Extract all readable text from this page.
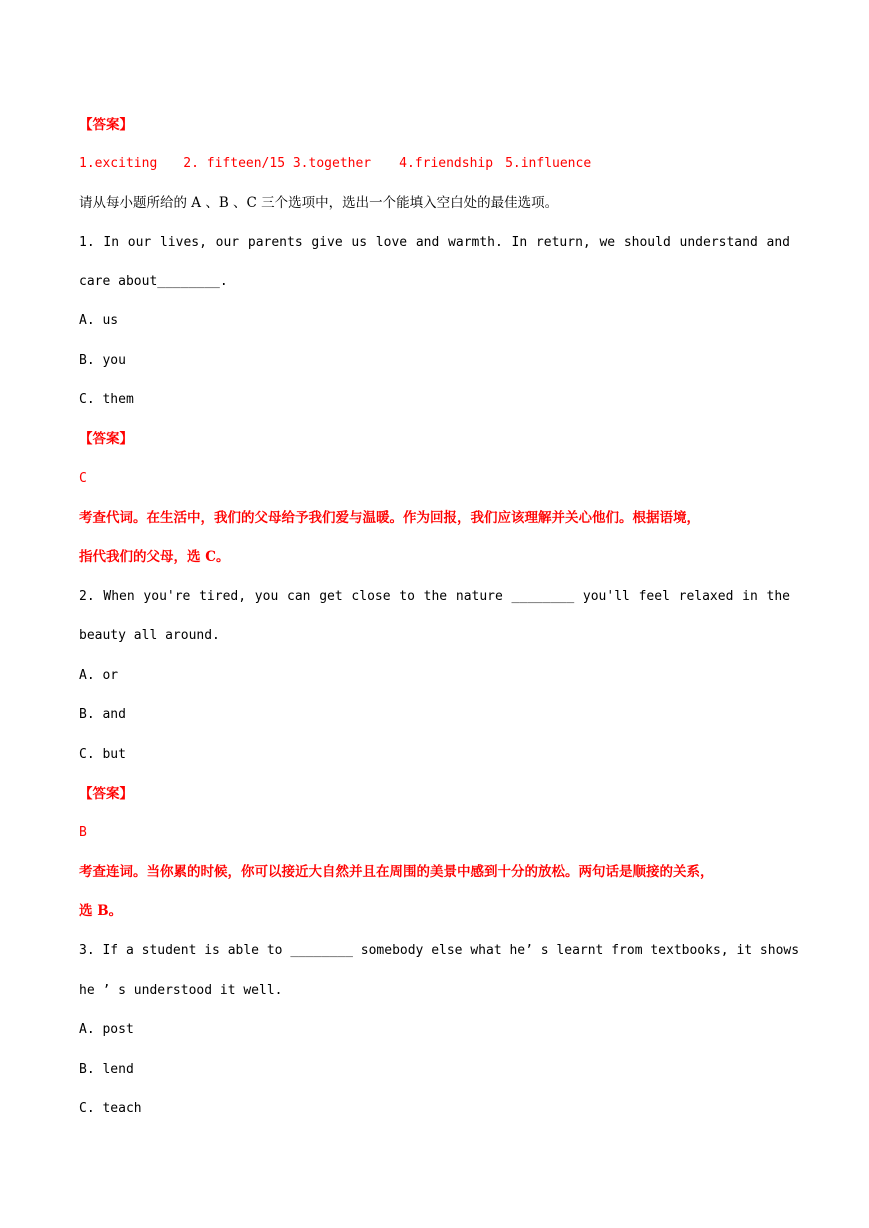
【答案】
1.exciting 2. fifteen/15 3.together 4.friendship 5.influence
请从每小题所给的 A 、B 、C 三个选项中，选出一个能填入空白处的最佳选项。
1. In our lives, our parents give us love and warmth. In return, we should understand and
care about________.
A. us
B. you
C. them
【答案】
C
考查代词。在生活中，我们的父母给予我们爱与温暖。作为回报，我们应该理解并关心他们。根据语境，
指代我们的父母，选 C。
2. When you're tired, you can get close to the nature ________ you'll feel relaxed in the
beauty all around.
A. or
B. and
C. but
【答案】
B
考查连词。当你累的时候，你可以接近大自然并且在周围的美景中感到十分的放松。两句话是顺接的关系，
选 B。
3. If a student is able to ________ somebody else what he’ s learnt from textbooks, it shows
he ’ s understood it well.
A. post
B. lend
C. teach
